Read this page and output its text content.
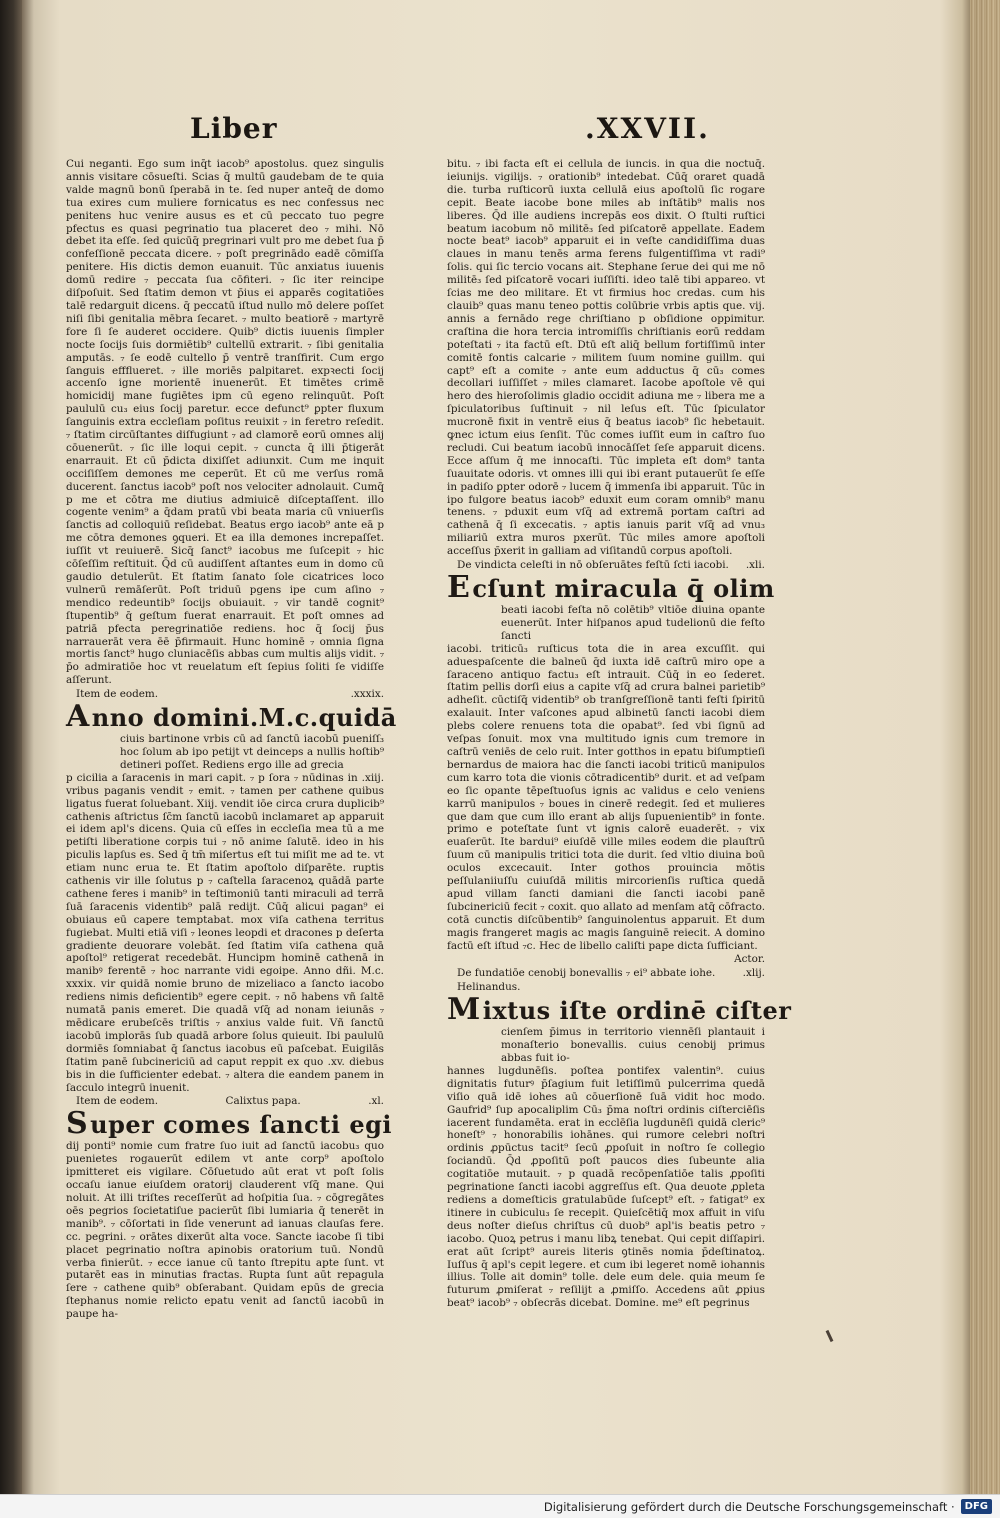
Liber	.XXVII.

Cui neganti. Ego sum inq̄t iacob⁹ apostolus. quez singulis annis visitare cōsueſti. Scias q̄ multū gaudebam de te quia valde magnū bonū ſperabā in te. ſed nuper anteq̄ de domo tua exires cum muliere fornicatus es nec confessus nec penitens huc venire ausus es et cū peccato tuo pegre pfectus es quasi pegrinatio tua placeret deo ₇ mihi. Nō debet ita eſſe. ſed quicūq̄ pregrinari vult pro me debet ſua p̄ confeſſionē peccata dicere. ₇ poſt pregrinādo eadē cōmiſſa penitere. His dictis demon euanuit. Tūc anxiatus iuuenis domū redire ₇ peccata ſua cōfiteri. ₇ ſic iter reincipe diſpoſuit. Sed ſtatim demon vt p̄ius ei apparēs cogitatiōes talē redarguit dicens. q̄ peccatū iſtud nullo mō delere poſſet niſi ſibi genitalia mēbra ſecaret. ₇ multo beatiorē ₇ martyrē fore ſi ſe auderet occidere. Quib⁹ dictis iuuenis ſimpler nocte ſocijs ſuis dormiētib⁹ cultellū extrarit. ₇ ſibi genitalia amputās. ₇ ſe eodē cultello p̄ ventrē tranſfirit. Cum ergo ſanguis effflueret. ₇ ille moriēs palpitaret. expꝛecti ſocij accenſo igne morientē inuenerūt. Et timētes crimē homicidij mane fugiētes ipm cū egeno relinquūt. Poſt paululū cu₃ eius ſocij paretur. ecce defunct⁹ ꝑpter fluxum ſanguinis extra eccleſiam poſitus reuixit ₇ in feretro reſedit. ₇ ſtatim circūſtantes diſfugiunt ₇ ad clamorē eorū omnes alij cōuenerūt. ₇ ſic ille loqui cepit. ₇ cuncta q̄ illi p̄tigerāt enarrauit. Et cū p̄dicta dixiſſet adiunxit. Cum me inquit occiſiſſem demones me ceperūt. Et cū me verſus romā ducerent. ſanctus iacob⁹ poſt nos velociter adnolauit. Cumq̄ p me et cōtra me diutius admiuicē diſceptaſſent. illo cogente venim⁹ a q̄dam pratū vbi beata maria cū vniuerſis ſanctis ad colloquiū reſidebat. Beatus ergo iacob⁹ ante eā p me cōtra demones ꝯqueri. Et ea illa demones increpaſſet. iuſſit vt reuiuerē. Sicq̄ ſanct⁹ iacobus me ſuſcepit ₇ hic cōſeſſim reſtituit. Q̄d cū audiſſent aſtantes eum in domo cū gaudio detulerūt. Et ſtatim ſanato ſole cicatrices loco vulnerū remāſerūt. Poſt triduū pgens ipe cum aſino ₇ mendico redeuntib⁹ ſocijs obuiauit. ₇ vir tandē cognit⁹ ſtupentib⁹ q̄ geſtum fuerat enarrauit. Et poſt omnes ad patriā pfecta peregrinatiōe rediens. hoc q̄ ſocij p̄us narrauerāt vera ēē p̄firmauit. Hunc hominē ₇ omnia ſigna mortis ſanct⁹ hugo cluniacēſis abbas cum multis alijs vidit. ₇ p̄o admiratiōe hoc vt reuelatum eſt ſepius ſoliti ſe vidiſſe aſſerunt.

Item de eodem.	.xxxix.
Anno domini.M.c.quidā

ciuis bartinone vrbis cū ad ſanctū iacobū pueniſſ₃ hoc ſolum ab ipo petijt vt deinceps a nullis hoſtib⁹ detineri poſſet. Rediens ergo ille ad grecia

p cicilia a ſaracenis in mari capit. ₇ p ſora ₇ nūdinas in .xiij. vribus paganis vendit ₇ emit. ₇ tamen per cathene quibus ligatus fuerat ſoluebant. Xiij. vendit iōe circa crura duplicib⁹ cathenis aſtrictus ſc̄m ſanctū iacobū inclamaret ap apparuit ei idem apl's dicens. Quia cū eſſes in eccleſia mea tū a me petiſti liberatione corpis tui ₇ nō anime ſalutē. ideo in his piculis lapſus es. Sed q̄ tm̄ miſertus eſt tui miſit me ad te. vt etiam nunc erua te. Et ſtatim apoſtolo diſparēte. ruptis cathenis vir ille ſolutus p ₇ caſtella ſaracenoꝝ quādā parte cathene feres i manib⁹ in teſtimoniū tanti miraculi ad terrā ſuā ſaracenis videntib⁹ palā redijt. Cūq̄ alicui pagan⁹ ei obuiaus eū capere temptabat. mox viſa cathena territus fugiebat. Multi etiā viſi ₇ leones leopdi et dracones p deſerta gradiente deuorare volebāt. ſed ſtatim viſa cathena quā apoſtol⁹ retigerat recedebāt. Huncipm hominē cathenā in manibꝰ ferentē ₇ hoc narrante vidi egoipe. Anno dñi. M.c. xxxix. vir quidā nomie bruno de mizeliaco a ſancto iacobo rediens nimis deficientib⁹ egere cepit. ₇ nō habens vñ ſaltē numatā panis emeret. Die quadā vſq̄ ad nonam ieiunās ₇ mēdicare erubeſcēs triſtis ₇ anxius valde fuit. Vñ ſanctū iacobū implorās ſub quadā arbore ſolus quieuit. Ibi paululū dormiēs ſomniabat q̄ ſanctus iacobus eū paſcebat. Euigilās ſtatim panē ſubcinericiū ad caput reppit ex quo .xv. diebus bis in die ſufficienter edebat. ₇ altera die eandem panem in ſacculo integrū inuenit.

Item de eodem.	Calixtus papa.	.xl.
Super comes ſancti egi

dij ponti⁹ nomie cum fratre ſuo iuit ad ſanctū iacobu₃ quo puenietes rogauerūt edilem vt ante corp⁹ apoſtolo ipmitteret eis vigilare. Cōſuetudo aūt erat vt poſt ſolis occaſu ianue eiuſdem oratorij clauderent vſq̄ mane. Qui noluit. At illi triſtes receſſerūt ad hoſpitia ſua. ₇ cōgregātes oēs pegrios ſocietatiſue pacierūt ſibi lumiaria q̄ tenerēt in manib⁹. ₇ cōſortati in ſide venerunt ad ianuas clauſas fere. cc. pegrini. ₇ orātes dixerūt alta voce. Sancte iacobe ſi tibi placet pegrinatio noſtra apinobis oratorium tuū. Nondū verba finierūt. ₇ ecce ianue cū tanto ſtrepitu apte ſunt. vt putarēt eas in minutias fractas. Rupta ſunt aūt repagula ſere ₇ cathene quib⁹ obſerabant. Quidam epūs de grecia ſtephanus nomie relicto epatu venit ad ſanctū iacobū in paupe ha-

bitu. ₇ ibi facta eſt ei cellula de iuncis. in qua die noctuq̄. ieiunijs. vigilijs. ₇ orationib⁹ intedebat. Cūq̄ oraret quadā die. turba ruſticorū iuxta cellulā eius apoſtolū ſic rogare cepit. Beate iacobe bone miles ab inſtātib⁹ malis nos liberes. Q̄d ille audiens increpās eos dixit. O ſtulti ruſtici beatum iacobum nō militē₃ ſed piſcatorē appellate. Eadem nocte beat⁹ iacob⁹ apparuit ei in veſte candidiſſima duas claues in manu tenēs arma ferens fulgentiſſima vt radi⁹ ſolis. qui ſic tercio vocans ait. Stephane ſerue dei qui me nō militē₃ ſed piſcatorē vocari iuſſiſti. ideo talē tibi appareo. vt ſcias me deo militare. Et vt firmius hoc credas. cum his clauib⁹ quas manu teneo pottis colūbrie vrbis aptis que. vij. annis a fernādo rege chriſtiano p obſidione oppimitur. craſtina die hora tercia intromiſſis chriſtianis eorū reddam poteſtati ₇ ita factū eſt. Dtū eſt aliq̄ bellum fortiſſimū inter comitē fontis calcarie ₇ militem ſuum nomine guillm. qui capt⁹ eſt a comite ₇ ante eum adductus q̄ cū₃ comes decollari iuſſiſſet ₇ miles clamaret. Iacobe apoſtole vē qui hero des hieroſolimis gladio occidit adiuna me ₇ libera me a ſpiculatoribus ſuſtinuit ₇ nil leſus eſt. Tūc ſpiculator mucronē fixit in ventrē eius q̄ beatus iacob⁹ ſic hebetauit. ꝙnec ictum eius ſenſit. Tūc comes iuſſit eum in caſtro ſuo recludi. Cui beatum iacobū innocāſſet ſeſe apparuit dicens. Ecce aſſum q̄ me innocaſti. Tūc impleta eſt dom⁹ tanta ſuauitate odoris. vt omnes illi qui ibi erant putauerūt ſe eſſe in padiſo ꝑpter odorē ₇ lucem q̄ immenſa ibi apparuit. Tūc in ipo fulgore beatus iacob⁹ eduxit eum coram omnib⁹ manu tenens. ₇ pduxit eum vſq̄ ad extremā portam caſtri ad cathenā q̄ ſi excecatis. ₇ aptis ianuis parit vſq̄ ad vnu₃ miliariū extra muros pxerūt. Tūc miles amore apoſtoli acceſſus p̄xerit in galliam ad viſitandū corpus apoſtoli.

De vindicta celeſti in nō obſeruātes feſtū ſcti iacobi. .xli.
Ecſunt miracula q̄ olim

beati iacobi feſta nō colētib⁹ vltiōe diuina opante euenerūt. Inter hiſpanos apud tudelionū die feſto ſancti

iacobi. triticū₃ ruſticus tota die in area excuſſit. qui aduespaſcente die balneū q̄d iuxta idē caſtrū miro ope a ſaraceno antiquo factu₃ eſt intrauit. Cūq̄ in eo ſederet. ſtatim pellis dorſi eius a capite vſq̄ ad crura balnei parietib⁹ adheſit. cūctiſq̄ videntib⁹ ob tranſgreſſionē tanti feſti ſpiritū exalauit. Inter vaſcones apud albinetū ſancti iacobi diem plebs colere renuens tota die opabat⁹. ſed vbi ſignū ad veſpas ſonuit. mox vna multitudo ignis cum tremore in caſtrū veniēs de celo ruit. Inter gotthos in epatu biſumptieſi bernardus de maiora hac die ſancti iacobi triticū manipulos cum karro tota die vionis cōtradicentib⁹ durit. et ad veſpam eo ſic opante tēpeſtuoſus ignis ac validus e celo veniens karrū manipulos ₇ boues in cinerē redegit. ſed et mulieres que dam que cum illo erant ab alijs ſupuenientib⁹ in fonte. primo e poteſtate ſunt vt ignis calorē euaderēt. ₇ vix euaſerūt. Ite bardui⁹ eiuſdē ville miles eodem die plauſtrū ſuum cū manipulis tritici tota die durit. ſed vltio diuina boū oculos excecauit. Inter gothos prouincia mōtis peſſulaniiuſſu cuiuſdā militis mircorienſis ruſtica quedā apud villam ſancti damiani die ſancti iacobi panē ſubcinericiū fecit ₇ coxit. quo allato ad menſam atq̄ cōfracto. cotā cunctis diſcūbentib⁹ ſanguinolentus apparuit. Et dum magis frangeret magis ac magis ſanguinē reiecit. A domino factū eſt iſtud ₇c. Hec de libello caliſti pape dicta ſufficiant.

Actor.
De fundatiōe cenobij bonevallis ₇ ei⁹ abbate iohe.	.xlij.
Helinandus.
Mixtus iſte ordinē ciſter

cienſem p̄imus in territorio viennēſi plantauit i monaſterio bonevallis. cuius cenobij primus abbas fuit io-

hannes lugdunēſis. poſtea pontifex valentin⁹. cuius dignitatis futurꝰ p̄ſagium fuit letiſſimū pulcerrima quedā viſio quā idē iohes aū cōuerſionē ſuā vidit hoc modo. Gaufrid⁹ ſup apocaliplim Cū₃ p̄ma noſtri ordinis ciſterciēſis iacerent fundamēta. erat in ecclēſia lugdunēſi quidā cleric⁹ honeſt⁹ ₇ honorabilis iohānes. qui rumore celebri noſtri ordinis ꝓpūctus tacit⁹ ſecū ꝓpoſuit in noſtro ſe collegio ſociandū. Q̄d ꝓpoſitū poſt paucos dies ſubeunte alia cogitatiōe mutauit. ₇ p quadā recōpenſatiōe talis ꝓpoſiti pegrinatione ſancti iacobi aggreſſus eſt. Qua deuote ꝓpleta rediens a domeſticis gratulabūde ſuſcept⁹ eſt. ₇ fatigat⁹ ex itinere in cubiculu₃ ſe recepit. Quieſcētiq̄ mox affuit in viſu deus noſter dieſus chriſtus cū duob⁹ apl'is beatis petro ₇ iacobo. Quoꝝ petrus i manu libꝝ tenebat. Qui cepit diſſapiri. erat aūt ſcript⁹ aureis literis ꝯtinēs nomia p̄deſtinatoꝝ. Iuſſus q̄ apl's cepit legere. et cum ibi legeret nomē iohannis illius. Tolle ait domin⁹ tolle. dele eum dele. quia meum ſe futurum ꝓmiſerat ₇ reſilijt a ꝓmiſſo. Accedens aūt ꝓpius beat⁹ iacob⁹ ₇ obſecrās dicebat. Domine. me⁹ eſt pegrinus

Digitalisierung gefördert durch die Deutsche Forschungsgemeinschaft ·	DFG
